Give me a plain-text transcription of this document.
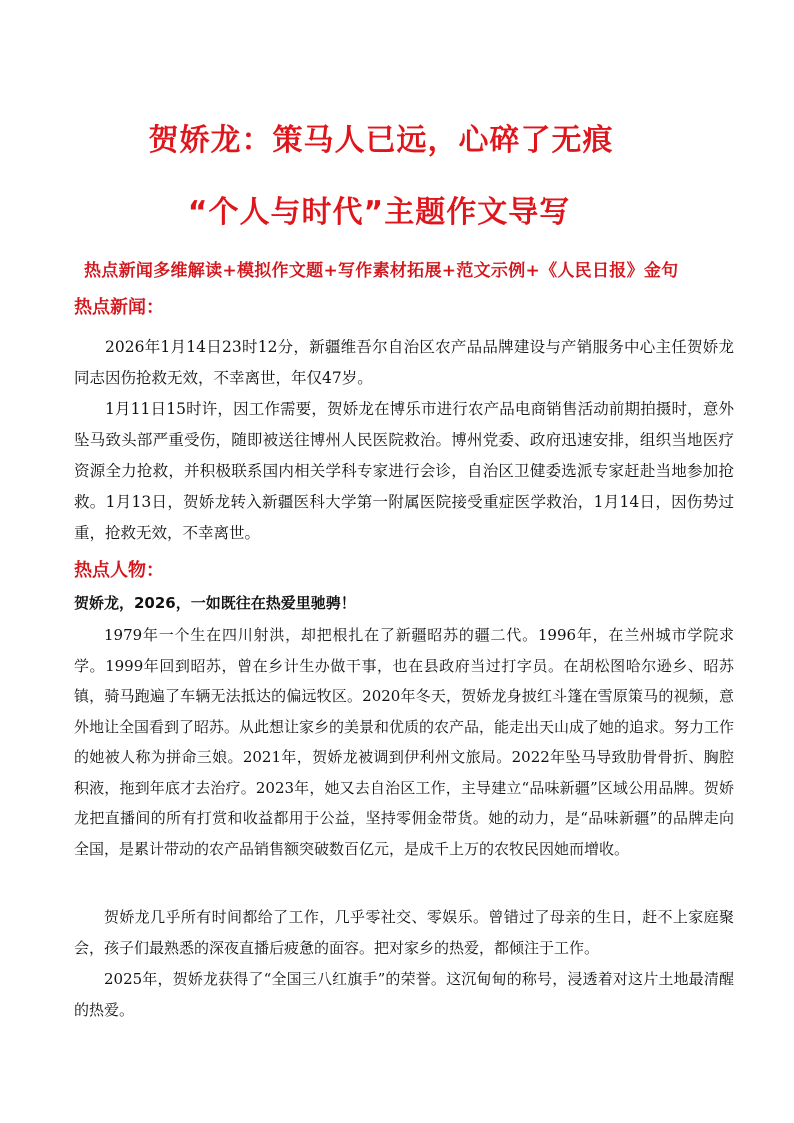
贺娇龙：策马人已远，心碎了无痕
“个人与时代”主题作文导写
热点新闻多维解读+模拟作文题+写作素材拓展+范文示例+《人民日报》金句
热点新闻：

2026年1月14日23时12分，新疆维吾尔自治区农产品品牌建设与产销服务中心主任贺娇龙同志因伤抢救无效，不幸离世，年仅47岁。

1月11日15时许，因工作需要，贺娇龙在博乐市进行农产品电商销售活动前期拍摄时，意外坠马致头部严重受伤，随即被送往博州人民医院救治。博州党委、政府迅速安排，组织当地医疗资源全力抢救，并积极联系国内相关学科专家进行会诊，自治区卫健委选派专家赶赴当地参加抢救。1月13日，贺娇龙转入新疆医科大学第一附属医院接受重症医学救治，1月14日，因伤势过重，抢救无效，不幸离世。

热点人物：
贺娇龙，2026，一如既往在热爱里驰骋！

1979年一个生在四川射洪，却把根扎在了新疆昭苏的疆二代。1996年，在兰州城市学院求学。1999年回到昭苏，曾在乡计生办做干事，也在县政府当过打字员。在胡松图哈尔逊乡、昭苏镇，骑马跑遍了车辆无法抵达的偏远牧区。2020年冬天，贺娇龙身披红斗篷在雪原策马的视频，意外地让全国看到了昭苏。从此想让家乡的美景和优质的农产品，能走出天山成了她的追求。努力工作的她被人称为拼命三娘。2021年，贺娇龙被调到伊利州文旅局。2022年坠马导致肋骨骨折、胸腔积液，拖到年底才去治疗。2023年，她又去自治区工作，主导建立“品味新疆”区域公用品牌。贺娇龙把直播间的所有打赏和收益都用于公益，坚持零佣金带货。她的动力，是“品味新疆”的品牌走向全国，是累计带动的农产品销售额突破数百亿元，是成千上万的农牧民因她而增收。

贺娇龙几乎所有时间都给了工作，几乎零社交、零娱乐。曾错过了母亲的生日，赶不上家庭聚会，孩子们最熟悉的深夜直播后疲惫的面容。把对家乡的热爱，都倾注于工作。

2025年，贺娇龙获得了“全国三八红旗手”的荣誉。这沉甸甸的称号，浸透着对这片土地最清醒的热爱。
